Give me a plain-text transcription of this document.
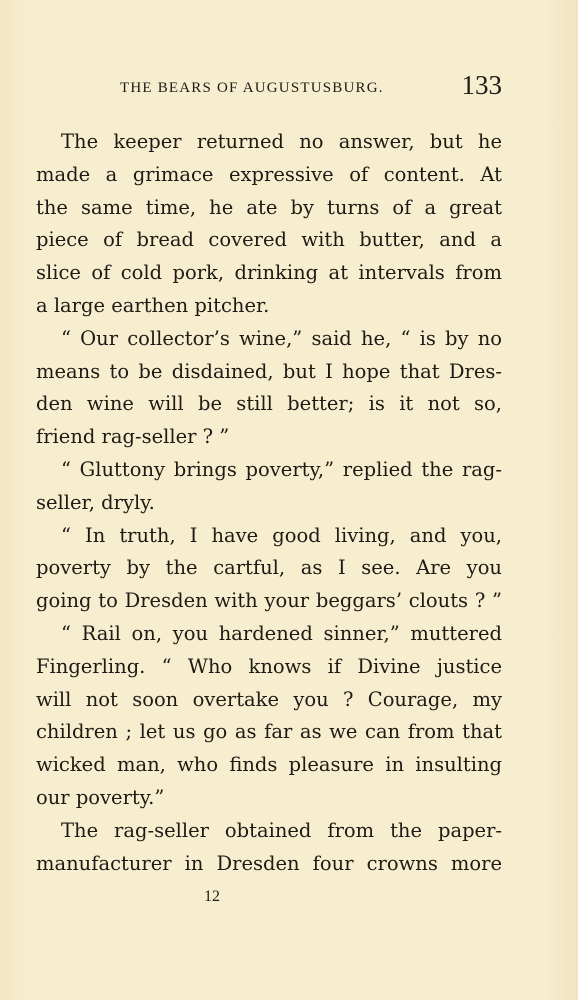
THE BEARS OF AUGUSTUSBURG.	133
The keeper returned no answer, but he
made a grimace expressive of content. At
the same time, he ate by turns of a great
piece of bread covered with butter, and a
slice of cold pork, drinking at intervals from
a large earthen pitcher.
“ Our collector’s wine,” said he, “ is by no
means to be disdained, but I hope that Dres-
den wine will be still better; is it not so,
friend rag-seller ? ”
“ Gluttony brings poverty,” replied the rag-
seller, dryly.
“ In truth, I have good living, and you,
poverty by the cartful, as I see. Are you
going to Dresden with your beggars’ clouts ? ”
“ Rail on, you hardened sinner,” muttered
Fingerling. “ Who knows if Divine justice
will not soon overtake you ? Courage, my
children ; let us go as far as we can from that
wicked man, who finds pleasure in insulting
our poverty.”
The rag-seller obtained from the paper-
manufacturer in Dresden four crowns more
12
